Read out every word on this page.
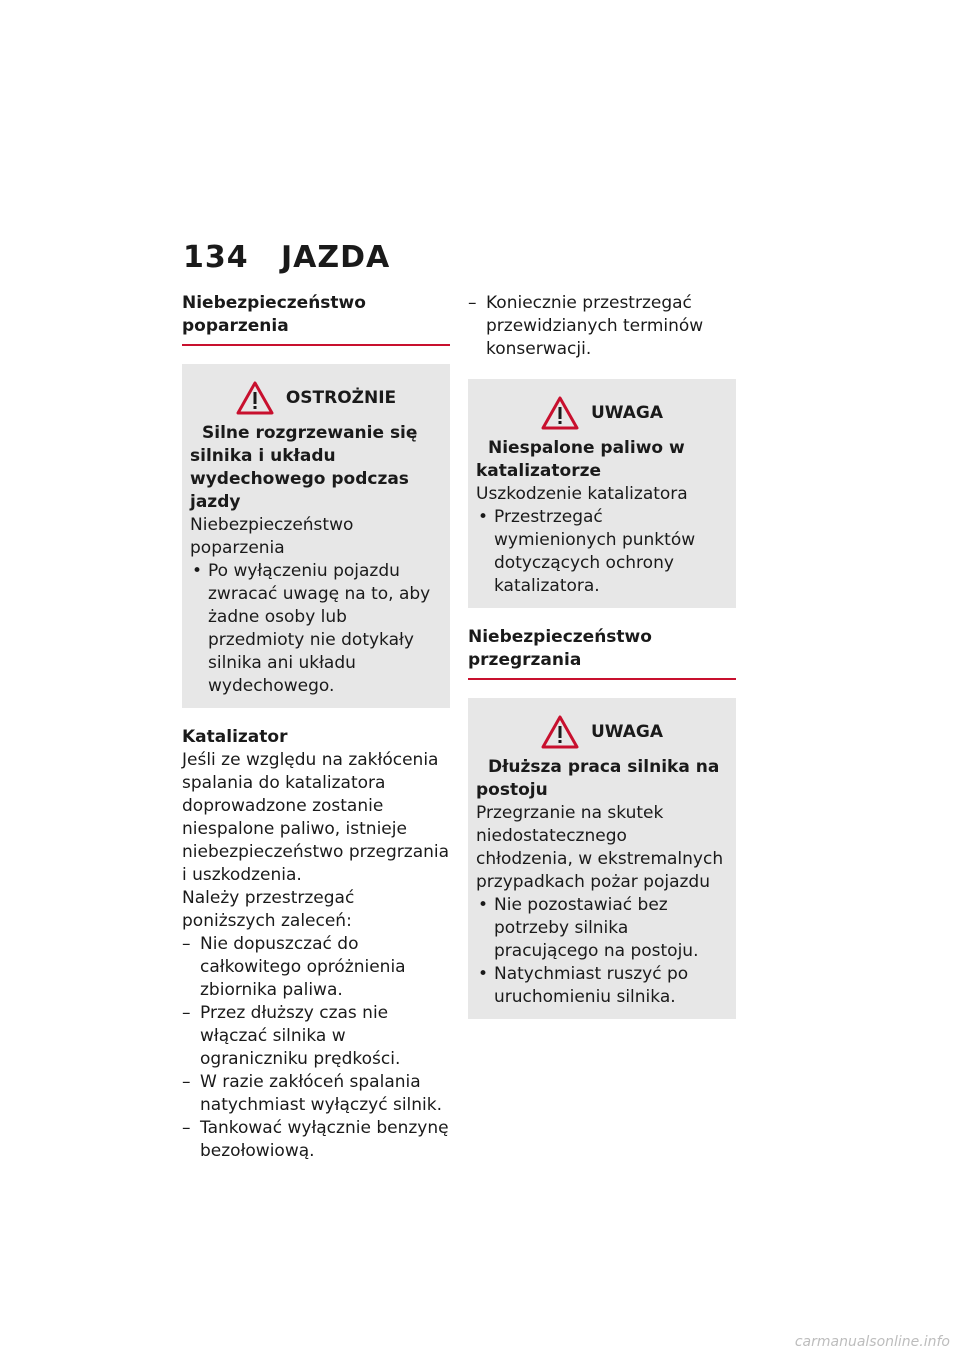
134 JAZDA
Niebezpieczeństwo poparzenia
OSTROŻNIE

Silne rozgrzewanie się silnika i układu wydechowego podczas jazdy

Niebezpieczeństwo poparzenia

• Po wyłączeniu pojazdu zwracać uwagę na to, aby żadne osoby lub przedmioty nie dotykały silnika ani układu wydechowego.
Katalizator

Jeśli ze względu na zakłócenia spalania do katalizatora doprowadzone zostanie niespalone paliwo, istnieje niebezpieczeństwo przegrzania i uszkodzenia.

Należy przestrzegać poniższych zaleceń:

– Nie dopuszczać do całkowitego opróżnienia zbiornika paliwa.
– Przez dłuższy czas nie włączać silnika w ograniczniku prędkości.
– W razie zakłóceń spalania natychmiast wyłączyć silnik.
– Tankować wyłącznie benzynę bezołowiową.
– Koniecznie przestrzegać przewidzianych terminów konserwacji.
UWAGA

Niespalone paliwo w katalizatorze

Uszkodzenie katalizatora

• Przestrzegać wymienionych punktów dotyczących ochrony katalizatora.
Niebezpieczeństwo przegrzania
UWAGA

Dłuższa praca silnika na postoju

Przegrzanie na skutek niedostatecznego chłodzenia, w ekstremalnych przypadkach pożar pojazdu

• Nie pozostawiać bez potrzeby silnika pracującego na postoju.
• Natychmiast ruszyć po uruchomieniu silnika.
carmanualsonline.info
